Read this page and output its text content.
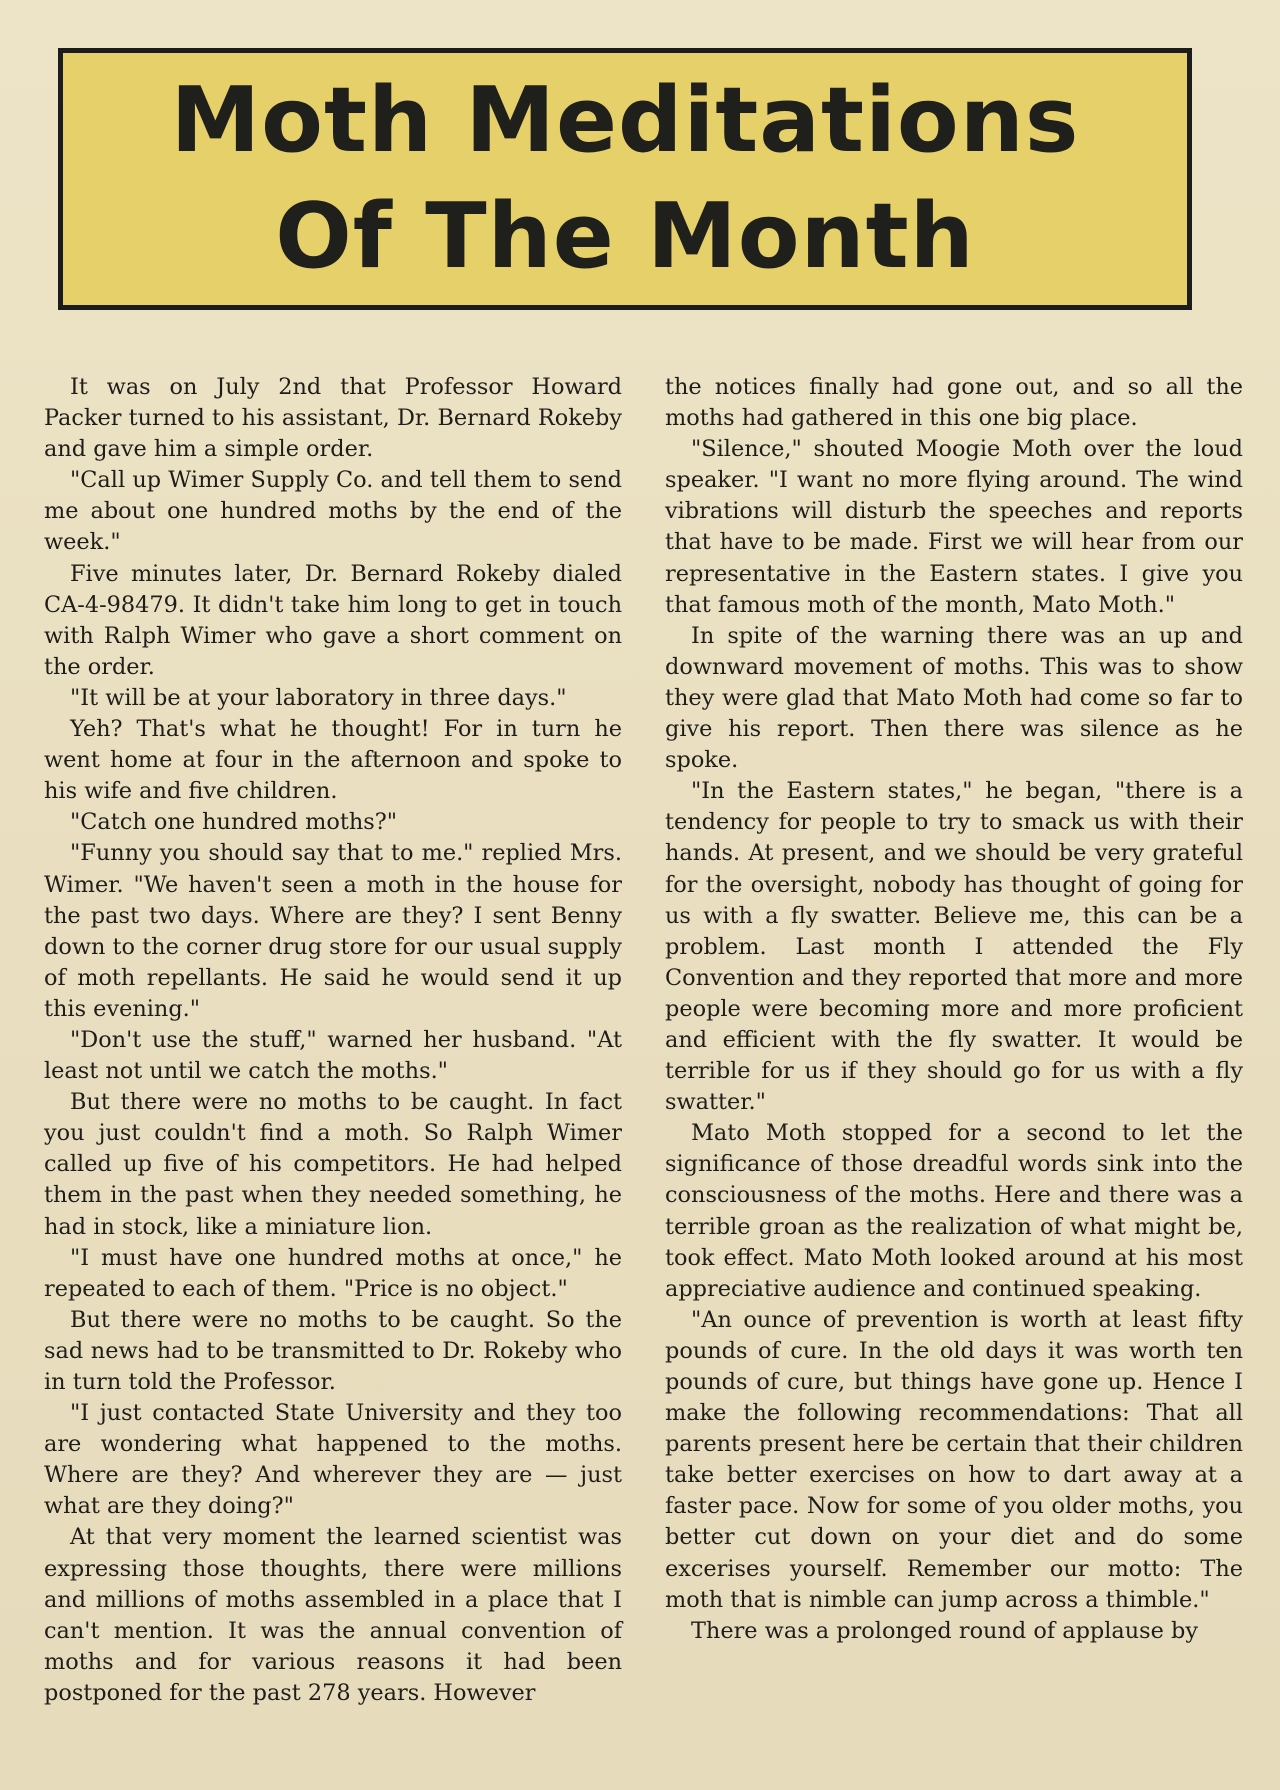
Moth Meditations
Of The Month

It was on July 2nd that Professor Howard Packer turned to his assistant, Dr. Bernard Rokeby and gave him a simple order.

"Call up Wimer Supply Co. and tell them to send me about one hundred moths by the end of the week."

Five minutes later, Dr. Bernard Rokeby dialed CA-4-98479. It didn't take him long to get in touch with Ralph Wimer who gave a short comment on the order.

"It will be at your laboratory in three days."

Yeh? That's what he thought! For in turn he went home at four in the afternoon and spoke to his wife and five children.

"Catch one hundred moths?"

"Funny you should say that to me." replied Mrs. Wimer. "We haven't seen a moth in the house for the past two days. Where are they? I sent Benny down to the corner drug store for our usual supply of moth repellants. He said he would send it up this evening."

"Don't use the stuff," warned her husband. "At least not until we catch the moths."

But there were no moths to be caught. In fact you just couldn't find a moth. So Ralph Wimer called up five of his competitors. He had helped them in the past when they needed something, he had in stock, like a miniature lion.

"I must have one hundred moths at once," he repeated to each of them. "Price is no object."

But there were no moths to be caught. So the sad news had to be transmitted to Dr. Rokeby who in turn told the Professor.

"I just contacted State University and they too are wondering what happened to the moths. Where are they? And wherever they are — just what are they doing?"

At that very moment the learned scientist was expressing those thoughts, there were millions and millions of moths assembled in a place that I can't mention. It was the annual convention of moths and for various reasons it had been postponed for the past 278 years. However

the notices finally had gone out, and so all the moths had gathered in this one big place.

"Silence," shouted Moogie Moth over the loud speaker. "I want no more flying around. The wind vibrations will disturb the speeches and reports that have to be made. First we will hear from our representative in the Eastern states. I give you that famous moth of the month, Mato Moth."

In spite of the warning there was an up and downward movement of moths. This was to show they were glad that Mato Moth had come so far to give his report. Then there was silence as he spoke.

"In the Eastern states," he began, "there is a tendency for people to try to smack us with their hands. At present, and we should be very grateful for the oversight, nobody has thought of going for us with a fly swatter. Believe me, this can be a problem. Last month I attended the Fly Convention and they reported that more and more people were becoming more and more proficient and efficient with the fly swatter. It would be terrible for us if they should go for us with a fly swatter."

Mato Moth stopped for a second to let the significance of those dreadful words sink into the consciousness of the moths. Here and there was a terrible groan as the realization of what might be, took effect. Mato Moth looked around at his most appreciative audience and continued speaking.

"An ounce of prevention is worth at least fifty pounds of cure. In the old days it was worth ten pounds of cure, but things have gone up. Hence I make the following recommendations: That all parents present here be certain that their children take better exercises on how to dart away at a faster pace. Now for some of you older moths, you better cut down on your diet and do some excerises yourself. Remember our motto: The moth that is nimble can jump across a thimble."

There was a prolonged round of applause by
